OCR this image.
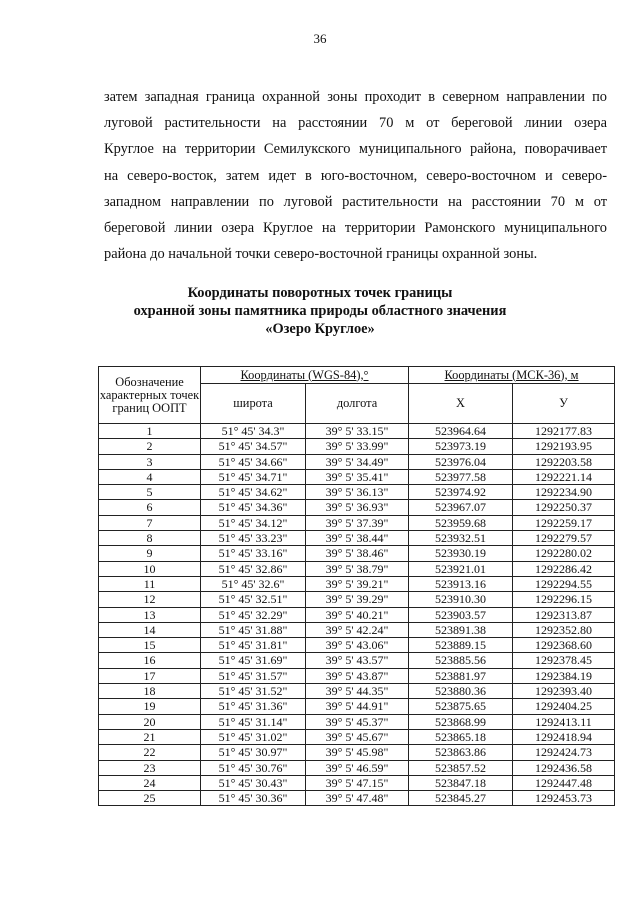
36
затем западная граница охранной зоны проходит в северном направлении по
луговой растительности на расстоянии 70 м от береговой линии озера
Круглое на территории Семилукского муниципального района, поворачивает
на северо-восток, затем идет в юго-восточном, северо-восточном и северо-
западном направлении по луговой растительности на расстоянии 70 м от
береговой линии озера Круглое на территории Рамонского муниципального
района до начальной точки северо-восточной границы охранной зоны.
Координаты поворотных точек границы
охранной зоны памятника природы областного значения
«Озеро Круглое»
Обозначение характерных точек границ ООПТ	Координаты (WGS-84),°		Координаты (МСК-36), м	
	широта	долгота	X	У
1	51° 45' 34.3"	39° 5' 33.15"	523964.64	1292177.83
2	51° 45' 34.57"	39° 5' 33.99"	523973.19	1292193.95
3	51° 45' 34.66"	39° 5' 34.49"	523976.04	1292203.58
4	51° 45' 34.71"	39° 5' 35.41"	523977.58	1292221.14
5	51° 45' 34.62"	39° 5' 36.13"	523974.92	1292234.90
6	51° 45' 34.36"	39° 5' 36.93"	523967.07	1292250.37
7	51° 45' 34.12"	39° 5' 37.39"	523959.68	1292259.17
8	51° 45' 33.23"	39° 5' 38.44"	523932.51	1292279.57
9	51° 45' 33.16"	39° 5' 38.46"	523930.19	1292280.02
10	51° 45' 32.86"	39° 5' 38.79"	523921.01	1292286.42
11	51° 45' 32.6"	39° 5' 39.21"	523913.16	1292294.55
12	51° 45' 32.51"	39° 5' 39.29"	523910.30	1292296.15
13	51° 45' 32.29"	39° 5' 40.21"	523903.57	1292313.87
14	51° 45' 31.88"	39° 5' 42.24"	523891.38	1292352.80
15	51° 45' 31.81"	39° 5' 43.06"	523889.15	1292368.60
16	51° 45' 31.69"	39° 5' 43.57"	523885.56	1292378.45
17	51° 45' 31.57"	39° 5' 43.87"	523881.97	1292384.19
18	51° 45' 31.52"	39° 5' 44.35"	523880.36	1292393.40
19	51° 45' 31.36"	39° 5' 44.91"	523875.65	1292404.25
20	51° 45' 31.14"	39° 5' 45.37"	523868.99	1292413.11
21	51° 45' 31.02"	39° 5' 45.67"	523865.18	1292418.94
22	51° 45' 30.97"	39° 5' 45.98"	523863.86	1292424.73
23	51° 45' 30.76"	39° 5' 46.59"	523857.52	1292436.58
24	51° 45' 30.43"	39° 5' 47.15"	523847.18	1292447.48
25	51° 45' 30.36"	39° 5' 47.48"	523845.27	1292453.73
